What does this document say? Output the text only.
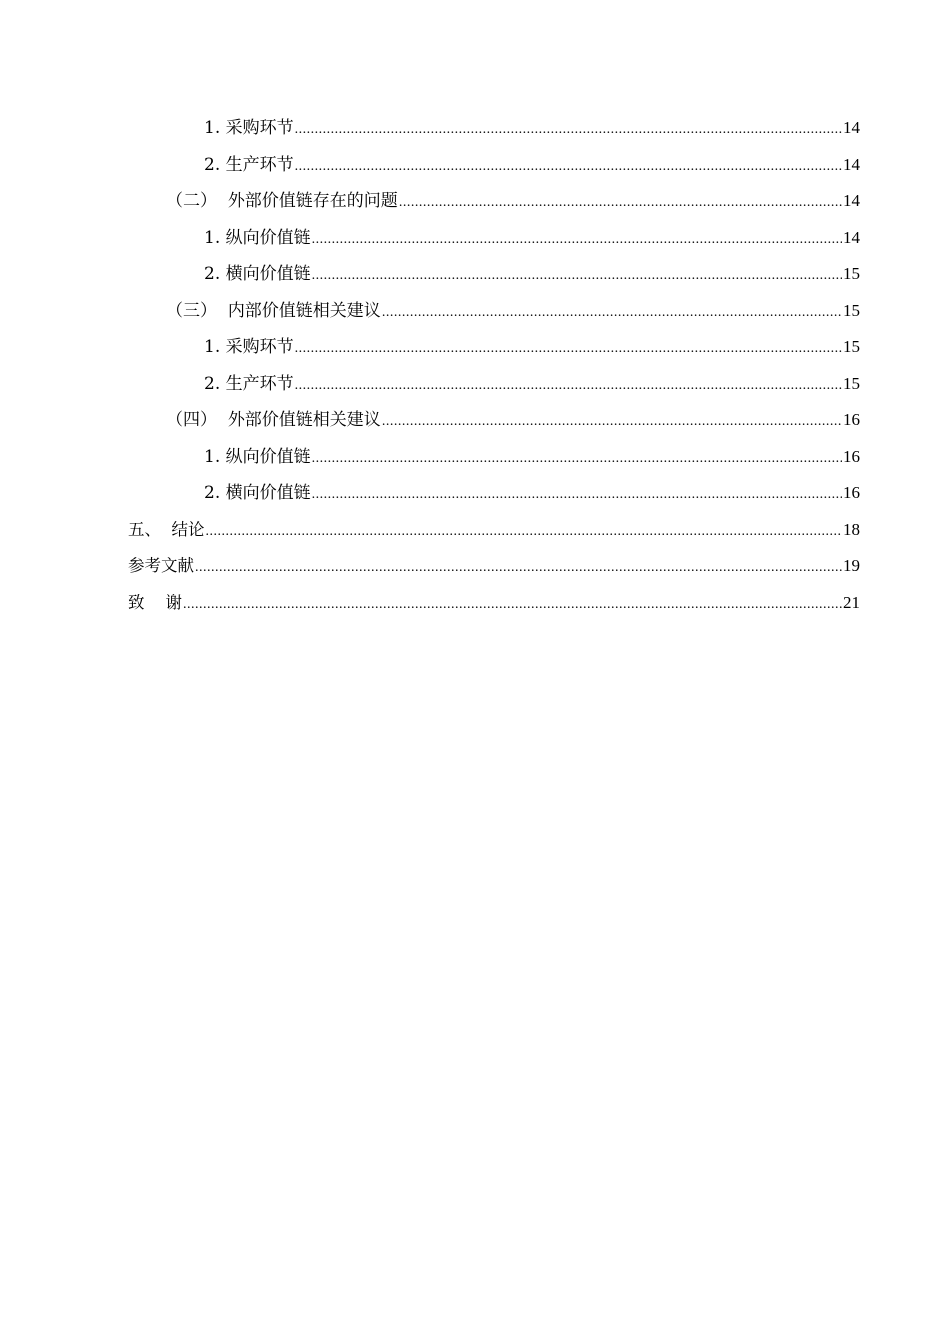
1. 采购环节 .....	14
2. 生产环节 .....	14
（二） 外部价值链存在的问题 .....	14
1. 纵向价值链 .....	14
2. 横向价值链 .....	15
（三） 内部价值链相关建议 .....	15
1. 采购环节 .....	15
2. 生产环节 .....	15
（四） 外部价值链相关建议 .....	16
1. 纵向价值链 .....	16
2. 横向价值链 .....	16
五、 结论 .....	18
参考文献 .....	19
致    谢 .....	21
